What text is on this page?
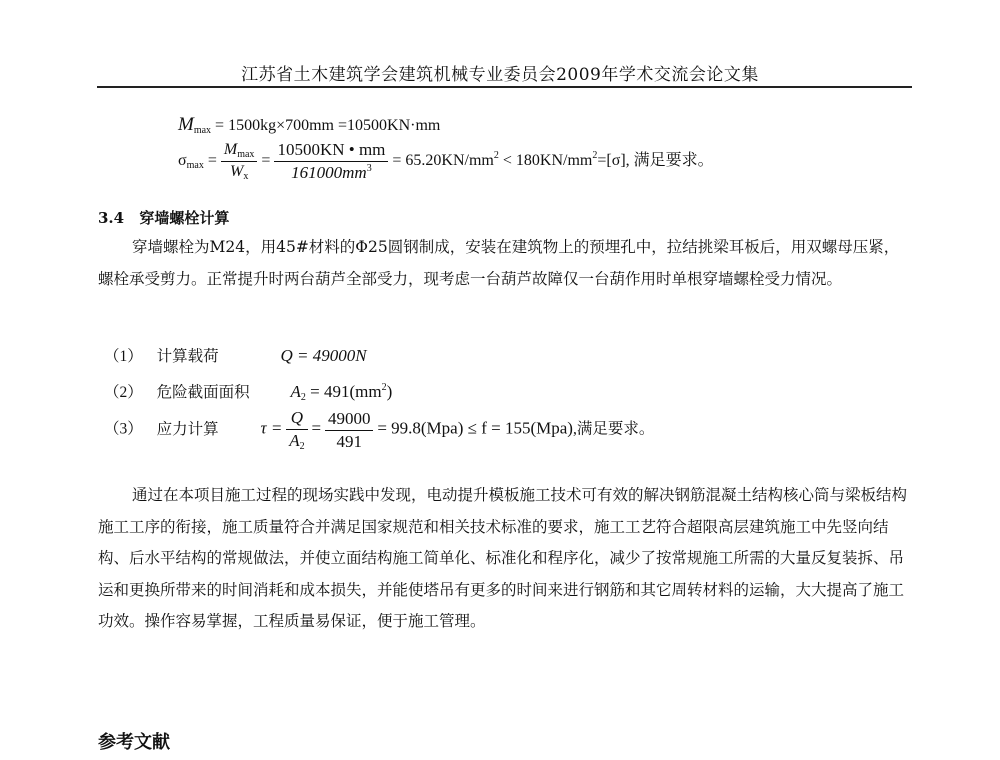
江苏省土木建筑学会建筑机械专业委员会2009年学术交流会论文集
$M_{max} = 1500kg\times 700mm =10500KN\cdot mm$
$\sigma_{max} = \frac{M_{max}}{W_x} = \frac{10500KN • mm}{161000mm^3} = 65.20KN/mm^2 < 180KN/mm^2=[\sigma]$, 满足要求。
3.4 穿墙螺栓计算
穿墙螺栓为M24，用45#材料的Φ25圆钢制成，安装在建筑物上的预埋孔中，拉结挑梁耳板后，用双螺母压紧，螺栓承受剪力。正常提升时两台葫芦全部受力，现考虑一台葫芦故障仅一台葫作用时单根穿墙螺栓受力情况。
（1） 计算载荷	Q = 49000N
（2） 危险截面面积 $A_2 = 491(mm^2)$
（3） 应力计算 $\tau = \frac{Q}{A_2} = \frac{49000}{491} = 99.8(Mpa) \le f = 155(Mpa)$,满足要求。
通过在本项目施工过程的现场实践中发现，电动提升模板施工技术可有效的解决钢筋混凝土结构核心筒与梁板结构施工工序的衔接，施工质量符合并满足国家规范和相关技术标准的要求，施工工艺符合超限高层建筑施工中先竖向结构、后水平结构的常规做法，并使立面结构施工简单化、标准化和程序化，减少了按常规施工所需的大量反复装拆、吊运和更换所带来的时间消耗和成本损失，并能使塔吊有更多的时间来进行钢筋和其它周转材料的运输，大大提高了施工功效。操作容易掌握，工程质量易保证，便于施工管理。
参考文献
